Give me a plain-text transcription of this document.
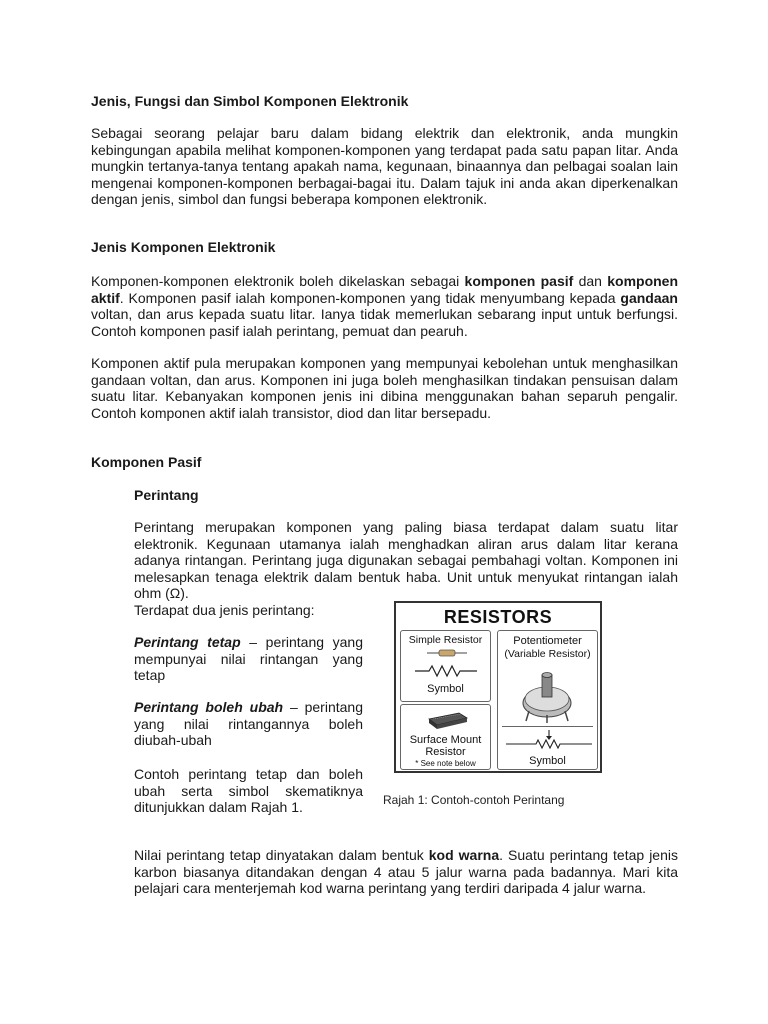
Jenis, Fungsi dan Simbol Komponen Elektronik
Sebagai seorang pelajar baru dalam bidang elektrik dan elektronik, anda mungkin kebingungan apabila melihat komponen-komponen yang terdapat pada satu papan litar. Anda mungkin tertanya-tanya tentang apakah nama, kegunaan, binaannya dan pelbagai soalan lain mengenai komponen-komponen berbagai-bagai itu. Dalam tajuk ini anda akan diperkenalkan dengan jenis, simbol dan fungsi beberapa komponen elektronik.
Jenis Komponen Elektronik
Komponen-komponen elektronik boleh dikelaskan sebagai komponen pasif dan komponen aktif. Komponen pasif ialah komponen-komponen yang tidak menyumbang kepada gandaan voltan, dan arus kepada suatu litar. Ianya tidak memerlukan sebarang input untuk berfungsi. Contoh komponen pasif ialah perintang, pemuat dan pearuh.
Komponen aktif pula merupakan komponen yang mempunyai kebolehan untuk menghasilkan gandaan voltan, dan arus. Komponen ini juga boleh menghasilkan tindakan pensuisan dalam suatu litar. Kebanyakan komponen jenis ini dibina menggunakan bahan separuh pengalir. Contoh komponen aktif ialah transistor, diod dan litar bersepadu.
Komponen Pasif
Perintang
Perintang merupakan komponen yang paling biasa terdapat dalam suatu litar elektronik. Kegunaan utamanya ialah menghadkan aliran arus dalam litar kerana adanya rintangan. Perintang juga digunakan sebagai pembahagi voltan. Komponen ini melesapkan tenaga elektrik dalam bentuk haba. Unit untuk menyukat rintangan ialah ohm (Ω).
Terdapat dua jenis perintang:
Perintang tetap – perintang yang mempunyai nilai rintangan yang tetap
Perintang boleh ubah – perintang yang nilai rintangannya boleh diubah-ubah
Contoh perintang tetap dan boleh ubah serta simbol skematiknya ditunjukkan dalam Rajah 1.
RESISTORS
Simple Resistor
Symbol
Surface Mount
Resistor
* See note below
Potentiometer
(Variable Resistor)
Symbol
Rajah 1: Contoh-contoh Perintang
Nilai perintang tetap dinyatakan dalam bentuk kod warna. Suatu perintang tetap jenis karbon biasanya ditandakan dengan 4 atau 5 jalur warna pada badannya. Mari kita pelajari cara menterjemah kod warna perintang yang terdiri daripada 4 jalur warna.
